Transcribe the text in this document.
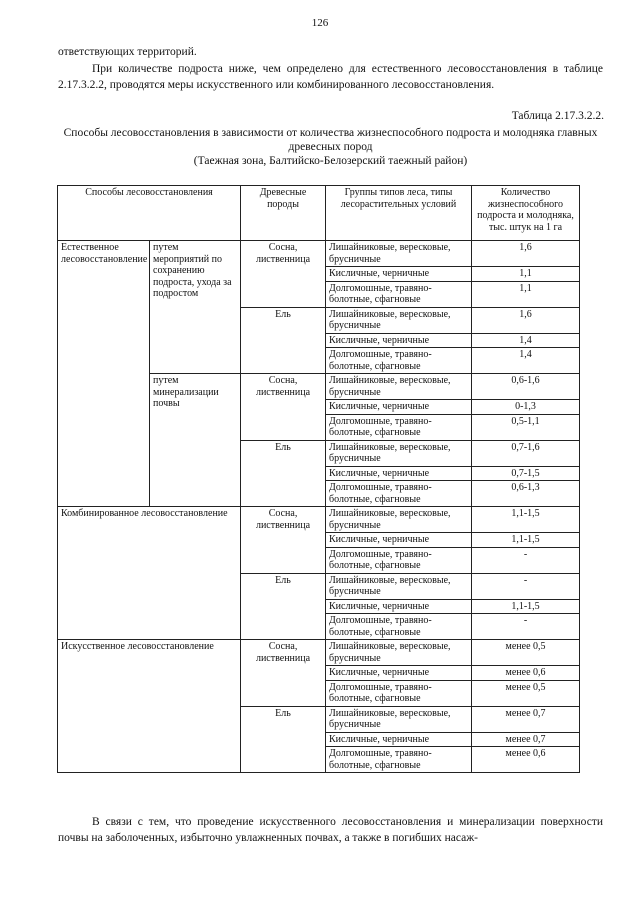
126
ответствующих территорий.
При количестве подроста ниже, чем определено для естественного лесовосстановления в таблице 2.17.3.2.2, проводятся меры искусственного или комбинированного лесовосстановления.
Таблица 2.17.3.2.2.
Способы лесовосстановления в зависимости от количества жизнеспособного подроста и молодняка главных древесных пород
(Таежная зона, Балтийско-Белозерский таежный район)
Способы лесовосстановления		Древесные породы	Группы типов леса, типы лесорастительных условий	Количество жизнеспособного подроста и молодняка, тыс. штук на 1 га
Естественное лесовосстановление	путем мероприятий по сохранению подроста, ухода за подростом	Сосна, лиственница	Лишайниковые, вересковые, брусничные	1,6
			Кисличные, черничные	1,1
			Долгомошные, травяно-болотные, сфагновые	1,1
		Ель	Лишайниковые, вересковые, брусничные	1,6
			Кисличные, черничные	1,4
			Долгомошные, травяно-болотные, сфагновые	1,4
	путем минерализации почвы	Сосна, лиственница	Лишайниковые, вересковые, брусничные	0,6-1,6
			Кисличные, черничные	0-1,3
			Долгомошные, травяно-болотные, сфагновые	0,5-1,1
		Ель	Лишайниковые, вересковые, брусничные	0,7-1,6
			Кисличные, черничные	0,7-1,5
			Долгомошные, травяно-болотные, сфагновые	0,6-1,3
Комбинированное лесовосстановление		Сосна, лиственница	Лишайниковые, вересковые, брусничные	1,1-1,5
			Кисличные, черничные	1,1-1,5
			Долгомошные, травяно-болотные, сфагновые	-
		Ель	Лишайниковые, вересковые, брусничные	-
			Кисличные, черничные	1,1-1,5
			Долгомошные, травяно-болотные, сфагновые	-
Искусственное лесовосстановление		Сосна, лиственница	Лишайниковые, вересковые, брусничные	менее 0,5
			Кисличные, черничные	менее 0,6
			Долгомошные, травяно-болотные, сфагновые	менее 0,5
		Ель	Лишайниковые, вересковые, брусничные	менее 0,7
			Кисличные, черничные	менее 0,7
			Долгомошные, травяно-болотные, сфагновые	менее 0,6
В связи с тем, что проведение искусственного лесовосстановления и минерализации поверхности почвы на заболоченных, избыточно увлажненных почвах, а также в погибших насаж-
